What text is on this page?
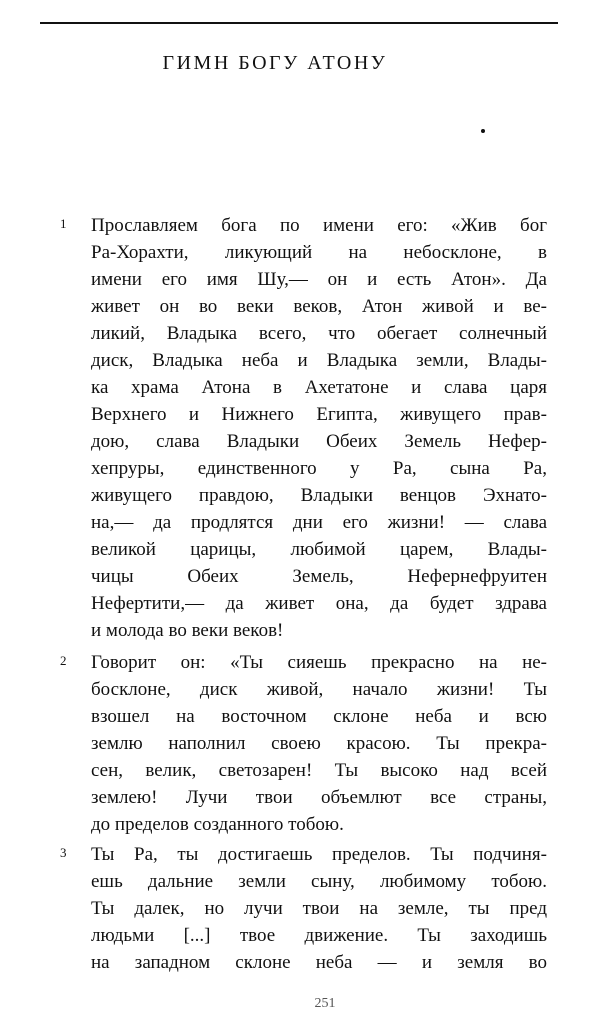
ГИМН БОГУ АТОНУ
1 Прославляем бога по имени его: «Жив бог
Ра-Хорахти, ликующий на небосклоне, в
имени его имя Шу,— он и есть Атон». Да
живет он во веки веков, Атон живой и ве-
ликий, Владыка всего, что обегает солнечный
диск, Владыка неба и Владыка земли, Влады-
ка храма Атона в Ахетатоне и слава царя
Верхнего и Нижнего Египта, живущего прав-
дою, слава Владыки Обеих Земель Нефер-
хепруры, единственного у Ра, сына Ра,
живущего правдою, Владыки венцов Эхнато-
на,— да продлятся дни его жизни! — слава
великой царицы, любимой царем, Влады-
чицы Обеих Земель, Нефернефруитен
Нефертити,— да живет она, да будет здрава
и молода во веки веков!
2 Говорит он: «Ты сияешь прекрасно на не-
босклоне, диск живой, начало жизни! Ты
взошел на восточном склоне неба и всю
землю наполнил своею красою. Ты прекра-
сен, велик, светозарен! Ты высоко над всей
землею! Лучи твои объемлют все страны,
до пределов созданного тобою.
3 Ты Ра, ты достигаешь пределов. Ты подчиня-
ешь дальние земли сыну, любимому тобою.
Ты далек, но лучи твои на земле, ты пред
людьми [...] твое движение. Ты заходишь
на западном склоне неба — и земля во
251
